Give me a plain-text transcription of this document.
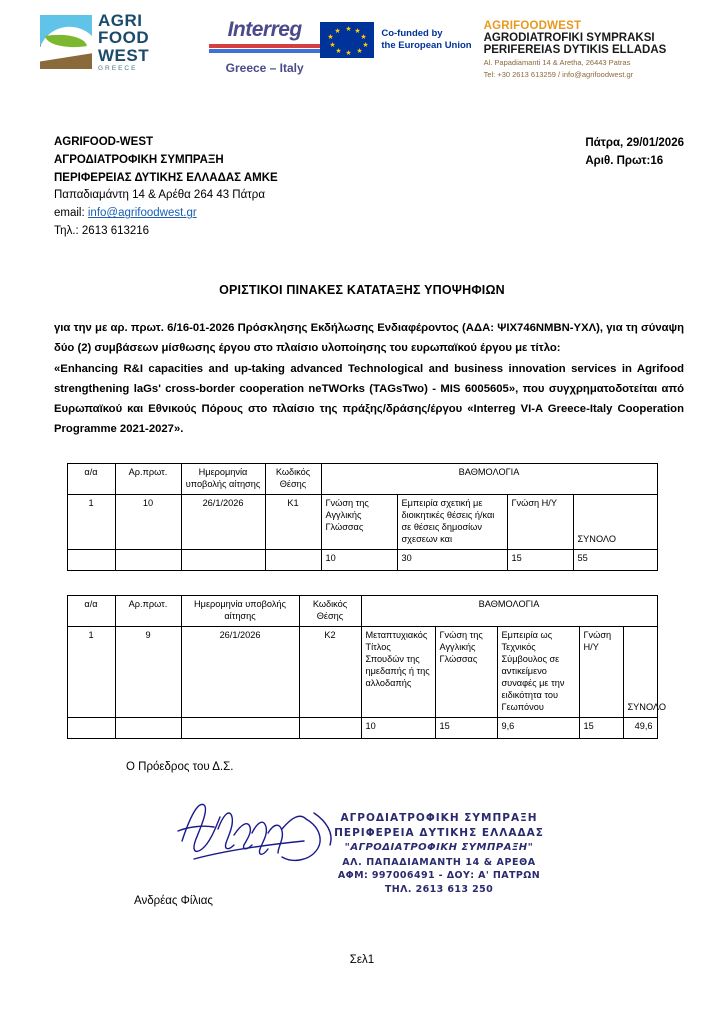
AGRI
FOOD
WEST
GREECE
Interreg
Greece – Italy
★ ★
★
★
★
★
★
★
★
★	Co-funded by
the European Union
AGRIFOODWEST
AGRODIATROFIKI SYMPRAKSI
PERIFEREIAS DYTIKIS ELLADAS
Al. Papadiamanti 14 & Aretha, 26443 Patras
Tel: +30 2613 613259 / info@agrifoodwest.gr
AGRIFOOD-WEST
ΑΓΡΟΔΙΑΤΡΟΦΙΚΗ ΣΥΜΠΡΑΞΗ
ΠΕΡΙΦΕΡΕΙΑΣ ΔΥΤΙΚΗΣ ΕΛΛΑΔΑΣ ΑΜΚΕ
Παπαδιαμάντη 14 & Αρέθα 264 43 Πάτρα
email: info@agrifoodwest.gr
Τηλ.: 2613 613216
Πάτρα, 29/01/2026
Αριθ. Πρωτ:16
ΟΡΙΣΤΙΚΟΙ ΠΙΝΑΚΕΣ ΚΑΤΑΤΑΞΗΣ ΥΠΟΨΗΦΙΩΝ
για την με αρ. πρωτ. 6/16-01-2026 Πρόσκλησης Εκδήλωσης Ενδιαφέροντος (ΑΔΑ: ΨΙΧ746ΝΜΒΝ-ΥΧΛ), για τη σύναψη δύο (2) συμβάσεων μίσθωσης έργου στο πλαίσιο υλοποίησης του ευρωπαϊκού έργου με τίτλο:
«Enhancing R&I capacities and up-taking advanced Technological and business innovation services in Agrifood strengthening laGs' cross-border cooperation neTWOrks (TAGsTwo) - MIS 6005605», που συγχρηματοδοτείται από Ευρωπαϊκού και Εθνικούς Πόρους στο πλαίσιο της πράξης/δράσης/έργου «Interreg VI-A Greece-Italy Cooperation Programme 2021-2027».
α/α	Αρ.πρωτ.	Ημερομηνία υποβολής αίτησης	Κωδικός Θέσης	ΒΑΘΜΟΛΟΓΙΑ			
1	10	26/1/2026	Κ1	Γνώση της Αγγλικής Γλώσσας	Εμπειρία σχετική με διοικητικές θέσεις ή/και σε θέσεις δημοσίων σχεσεων και	Γνώση Η/Υ	ΣΥΝΟΛΟ
				10	30	15	55
α/α	Αρ.πρωτ.	Ημερομηνία υποβολής αίτησης	Κωδικός Θέσης	ΒΑΘΜΟΛΟΓΙΑ				
1	9	26/1/2026	Κ2	Μεταπτυχιακός Τίτλος Σπουδών της ημεδαπής ή της αλλοδαπής	Γνώση της Αγγλικής Γλώσσας	Εμπειρία ως Τεχνικός Σύμβουλος σε αντικείμενο συναφές με την ειδικότητα του Γεωπόνου	Γνώση Η/Υ	ΣΥΝΟΛΟ
				10	15	9,6	15	49,6
Ο Πρόεδρος του Δ.Σ.
ΑΓΡΟΔΙΑΤΡΟΦΙΚΗ ΣΥΜΠΡΑΞΗ
ΠΕΡΙΦΕΡΕΙΑ ΔΥΤΙΚΗΣ ΕΛΛΑΔΑΣ
"ΑΓΡΟΔΙΑΤΡΟΦΙΚΗ ΣΥΜΠΡΑΞΗ"
ΑΛ. ΠΑΠΑΔΙΑΜΑΝΤΗ 14 & ΑΡΕΘΑ
ΑΦΜ: 997006491 - ΔΟΥ: Α' ΠΑΤΡΩΝ
ΤΗΛ. 2613 613 250
Ανδρέας Φίλιας
Σελ1
